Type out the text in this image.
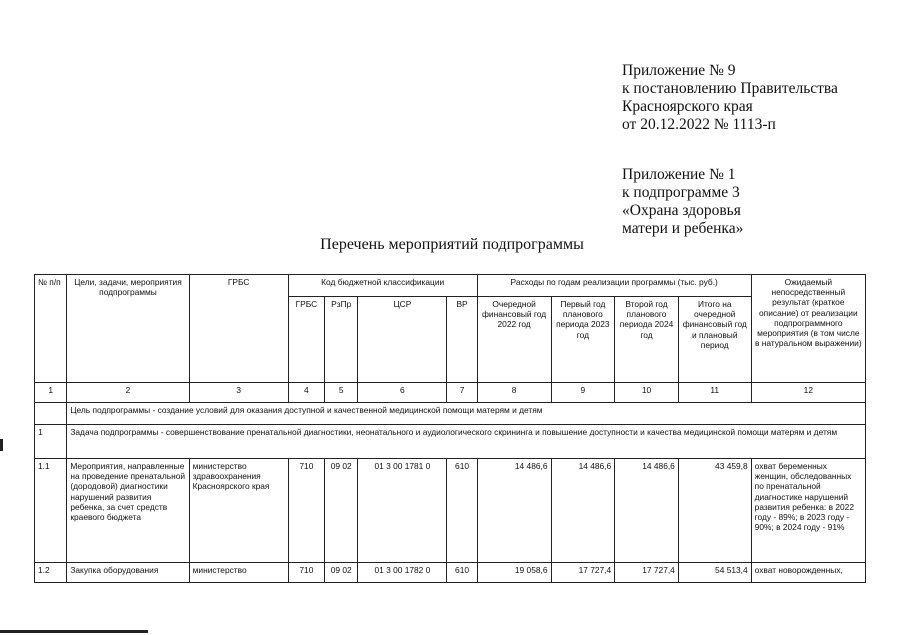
Приложение № 9
к постановлению Правительства
Красноярского края
от 20.12.2022 № 1113-п
Приложение № 1
к подпрограмме 3
«Охрана здоровья
матери и ребенка»
Перечень мероприятий подпрограммы
№ п/п	Цели, задачи, мероприятия подпрограммы	ГРБС	Код бюджетной классификации				Расходы по годам реализации программы (тыс. руб.)				Ожидаемый непосредственный результат (краткое описание) от реализации подпрограммного мероприятия (в том числе в натуральном выражении)
			ГРБС	РзПр	ЦСР	ВР	Очередной финансовый год 2022 год	Первый год планового периода 2023 год	Второй год планового периода 2024 год	Итого на очередной финансовый год и плановый период	
1	2	3	4	5	6	7	8	9	10	11	12
	Цель подпрограммы - создание условий для оказания доступной и качественной медицинской помощи матерям и детям										
1	Задача подпрограммы - совершенствование пренатальной диагностики, неонатального и аудиологического скрининга и повышение доступности и качества медицинской помощи матерям и детям										
1.1	Мероприятия, направленные на проведение пренатальной (дородовой) диагностики нарушений развития ребенка, за счет средств краевого бюджета	министерство здравоохранения Красноярского края	710	09 02	01 3 00 1781 0	610	14 486,6	14 486,6	14 486,6	43 459,8	охват беременных женщин, обследованных по пренатальной диагностике нарушений развития ребенка: в 2022 году - 89%; в 2023 году - 90%; в 2024 году - 91%
1.2	Закупка оборудования	министерство	710	09 02	01 3 00 1782 0	610	19 058,6	17 727,4	17 727,4	54 513,4	охват новорожденных,
